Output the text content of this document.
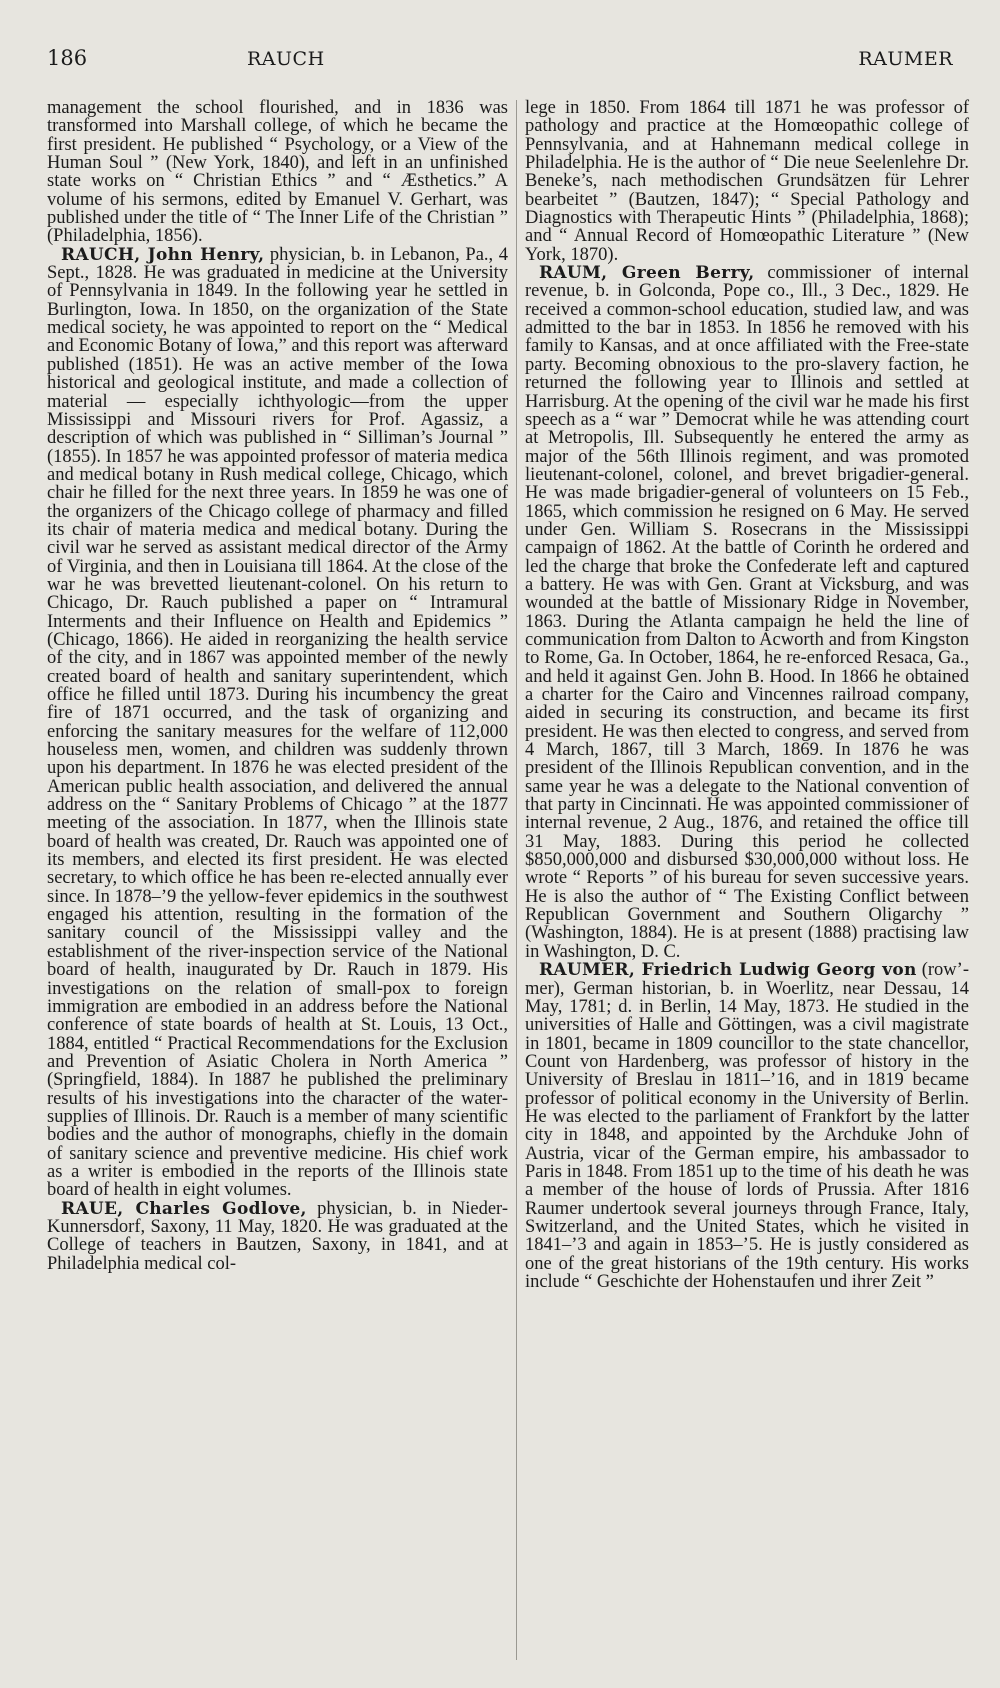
186	RAUCH	RAUMER

management the school flourished, and in 1836 was transformed into Marshall college, of which he became the first president. He published “ Psychology, or a View of the Human Soul ” (New York, 1840), and left in an unfinished state works on “ Christian Ethics ” and “ Æsthetics.” A volume of his sermons, edited by Emanuel V. Gerhart, was published under the title of “ The Inner Life of the Christian ” (Philadelphia, 1856).

RAUCH, John Henry, physician, b. in Lebanon, Pa., 4 Sept., 1828. He was graduated in medicine at the University of Pennsylvania in 1849. In the following year he settled in Burlington, Iowa. In 1850, on the organization of the State medical society, he was appointed to report on the “ Medical and Economic Botany of Iowa,” and this report was afterward published (1851). He was an active member of the Iowa historical and geological institute, and made a collection of material — especially ichthyologic—from the upper Mississippi and Missouri rivers for Prof. Agassiz, a description of which was published in “ Silliman’s Journal ” (1855). In 1857 he was appointed professor of materia medica and medical botany in Rush medical college, Chicago, which chair he filled for the next three years. In 1859 he was one of the organizers of the Chicago college of pharmacy and filled its chair of materia medica and medical botany. During the civil war he served as assistant medical director of the Army of Virginia, and then in Louisiana till 1864. At the close of the war he was brevetted lieutenant-colonel. On his return to Chicago, Dr. Rauch published a paper on “ Intramural Interments and their Influence on Health and Epidemics ” (Chicago, 1866). He aided in reorganizing the health service of the city, and in 1867 was appointed member of the newly created board of health and sanitary superintendent, which office he filled until 1873. During his incumbency the great fire of 1871 occurred, and the task of organizing and enforcing the sanitary measures for the welfare of 112,000 houseless men, women, and children was suddenly thrown upon his department. In 1876 he was elected president of the American public health association, and delivered the annual address on the “ Sanitary Problems of Chicago ” at the 1877 meeting of the association. In 1877, when the Illinois state board of health was created, Dr. Rauch was appointed one of its members, and elected its first president. He was elected secretary, to which office he has been re-elected annually ever since. In 1878–’9 the yellow-fever epidemics in the southwest engaged his attention, resulting in the formation of the sanitary council of the Mississippi valley and the establishment of the river-inspection service of the National board of health, inaugurated by Dr. Rauch in 1879. His investigations on the relation of small-pox to foreign immigration are embodied in an address before the National conference of state boards of health at St. Louis, 13 Oct., 1884, entitled “ Practical Recommendations for the Exclusion and Prevention of Asiatic Cholera in North America ” (Springfield, 1884). In 1887 he published the preliminary results of his investigations into the character of the water-supplies of Illinois. Dr. Rauch is a member of many scientific bodies and the author of monographs, chiefly in the domain of sanitary science and preventive medicine. His chief work as a writer is embodied in the reports of the Illinois state board of health in eight volumes.

RAUE, Charles Godlove, physician, b. in Nieder-Kunnersdorf, Saxony, 11 May, 1820. He was graduated at the College of teachers in Bautzen, Saxony, in 1841, and at Philadelphia medical col-

lege in 1850. From 1864 till 1871 he was professor of pathology and practice at the Homœopathic college of Pennsylvania, and at Hahnemann medical college in Philadelphia. He is the author of “ Die neue Seelenlehre Dr. Beneke’s, nach methodischen Grundsätzen für Lehrer bearbeitet ” (Bautzen, 1847); “ Special Pathology and Diagnostics with Therapeutic Hints ” (Philadelphia, 1868); and “ Annual Record of Homœopathic Literature ” (New York, 1870).

RAUM, Green Berry, commissioner of internal revenue, b. in Golconda, Pope co., Ill., 3 Dec., 1829. He received a common-school education, studied law, and was admitted to the bar in 1853. In 1856 he removed with his family to Kansas, and at once affiliated with the Free-state party. Becoming obnoxious to the pro-slavery faction, he returned the following year to Illinois and settled at Harrisburg. At the opening of the civil war he made his first speech as a “ war ” Democrat while he was attending court at Metropolis, Ill. Subsequently he entered the army as major of the 56th Illinois regiment, and was promoted lieutenant-colonel, colonel, and brevet brigadier-general. He was made brigadier-general of volunteers on 15 Feb., 1865, which commission he resigned on 6 May. He served under Gen. William S. Rosecrans in the Mississippi campaign of 1862. At the battle of Corinth he ordered and led the charge that broke the Confederate left and captured a battery. He was with Gen. Grant at Vicksburg, and was wounded at the battle of Missionary Ridge in November, 1863. During the Atlanta campaign he held the line of communication from Dalton to Acworth and from Kingston to Rome, Ga. In October, 1864, he re-enforced Resaca, Ga., and held it against Gen. John B. Hood. In 1866 he obtained a charter for the Cairo and Vincennes railroad company, aided in securing its construction, and became its first president. He was then elected to congress, and served from 4 March, 1867, till 3 March, 1869. In 1876 he was president of the Illinois Republican convention, and in the same year he was a delegate to the National convention of that party in Cincinnati. He was appointed commissioner of internal revenue, 2 Aug., 1876, and retained the office till 31 May, 1883. During this period he collected $850,000,000 and disbursed $30,000,000 without loss. He wrote “ Reports ” of his bureau for seven successive years. He is also the author of “ The Existing Conflict between Republican Government and Southern Oligarchy ” (Washington, 1884). He is at present (1888) practising law in Washington, D. C.

RAUMER, Friedrich Ludwig Georg von (row’-mer), German historian, b. in Woerlitz, near Dessau, 14 May, 1781; d. in Berlin, 14 May, 1873. He studied in the universities of Halle and Göttingen, was a civil magistrate in 1801, became in 1809 councillor to the state chancellor, Count von Hardenberg, was professor of history in the University of Breslau in 1811–’16, and in 1819 became professor of political economy in the University of Berlin. He was elected to the parliament of Frankfort by the latter city in 1848, and appointed by the Archduke John of Austria, vicar of the German empire, his ambassador to Paris in 1848. From 1851 up to the time of his death he was a member of the house of lords of Prussia. After 1816 Raumer undertook several journeys through France, Italy, Switzerland, and the United States, which he visited in 1841–’3 and again in 1853–’5. He is justly considered as one of the great historians of the 19th century. His works include “ Geschichte der Hohenstaufen und ihrer Zeit ”
